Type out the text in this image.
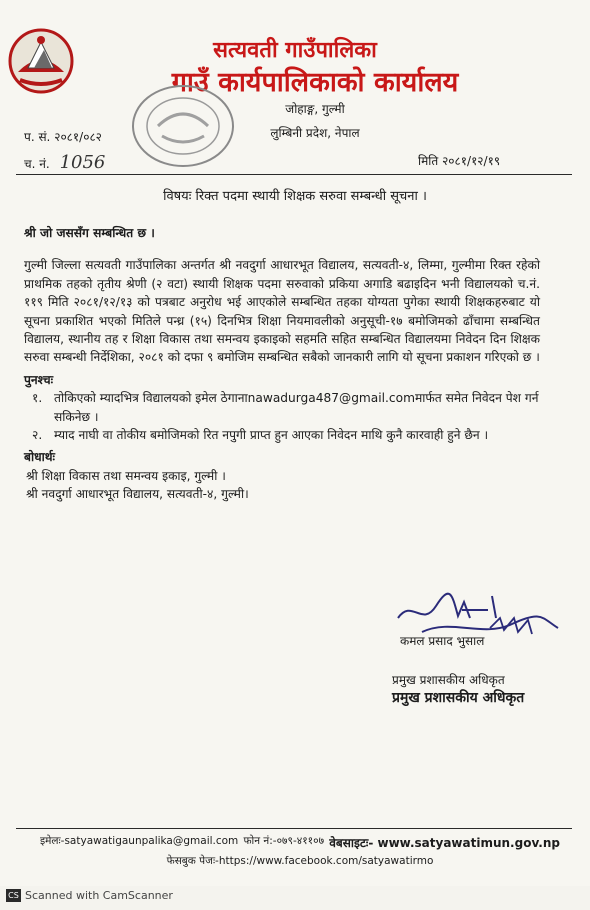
सत्यवती गाउँपालिका
गाउँ कार्यपालिकाको कार्यालय
जोहाङ्ग, गुल्मी
लुम्बिनी प्रदेश, नेपाल
प. सं. २०८१/०८२
च. नं. 1056	मिति २०८१/१२/१९
विषयः रिक्त पदमा स्थायी शिक्षक सरुवा सम्बन्धी सूचना ।
श्री जो जससँग सम्बन्धित छ ।

गुल्मी जिल्ला सत्यवती गाउँपालिका अन्तर्गत श्री नवदुर्गा आधारभूत विद्यालय, सत्यवती-४, लिम्मा, गुल्मीमा रिक्त रहेको प्राथमिक तहको तृतीय श्रेणी (२ वटा) स्थायी शिक्षक पदमा सरुवाको प्रकिया अगाडि बढाइदिन भनी विद्यालयको च.नं. ११९ मिति २०८१/१२/१३ को पत्रबाट अनुरोध भई आएकोले सम्बन्धित तहका योग्यता पुगेका स्थायी शिक्षकहरुबाट यो सूचना प्रकाशित भएको मितिले पन्ध्र (१५) दिनभित्र शिक्षा नियमावलीको अनुसूची-१७ बमोजिमको ढाँचामा सम्बन्धित विद्यालय, स्थानीय तह र शिक्षा विकास तथा समन्वय इकाइको सहमति सहित सम्बन्धित विद्यालयमा निवेदन दिन शिक्षक सरुवा सम्बन्धी निर्देशिका, २०८१ को दफा ९ बमोजिम सम्बन्धित सबैको जानकारी लागि यो सूचना प्रकाशन गरिएको छ ।

पुनश्चः
१. तोकिएको म्यादभित्र विद्यालयको इमेल ठेगानाnawadurga487@gmail.comमार्फत समेत निवेदन पेश गर्न सकिनेछ ।
२. म्याद नाघी वा तोकीय बमोजिमको रित नपुगी प्राप्त हुन आएका निवेदन माथि कुनै कारवाही हुने छैन ।
बोधार्थः
श्री शिक्षा विकास तथा समन्वय इकाइ, गुल्मी ।
श्री नवदुर्गा आधारभूत विद्यालय, सत्यवती-४, गुल्मी।
कमल प्रसाद भुसाल
प्रमुख प्रशासकीय अधिकृत
प्रमुख प्रशासकीय अधिकृत
इमेलः-satyawatigaunpalika@gmail.com फोन नं:-०७९-४११०७ वेबसाइटः- www.satyawatimun.gov.np
फेसबुक पेजः-https://www.facebook.com/satyawatirmo
CS Scanned with CamScanner
